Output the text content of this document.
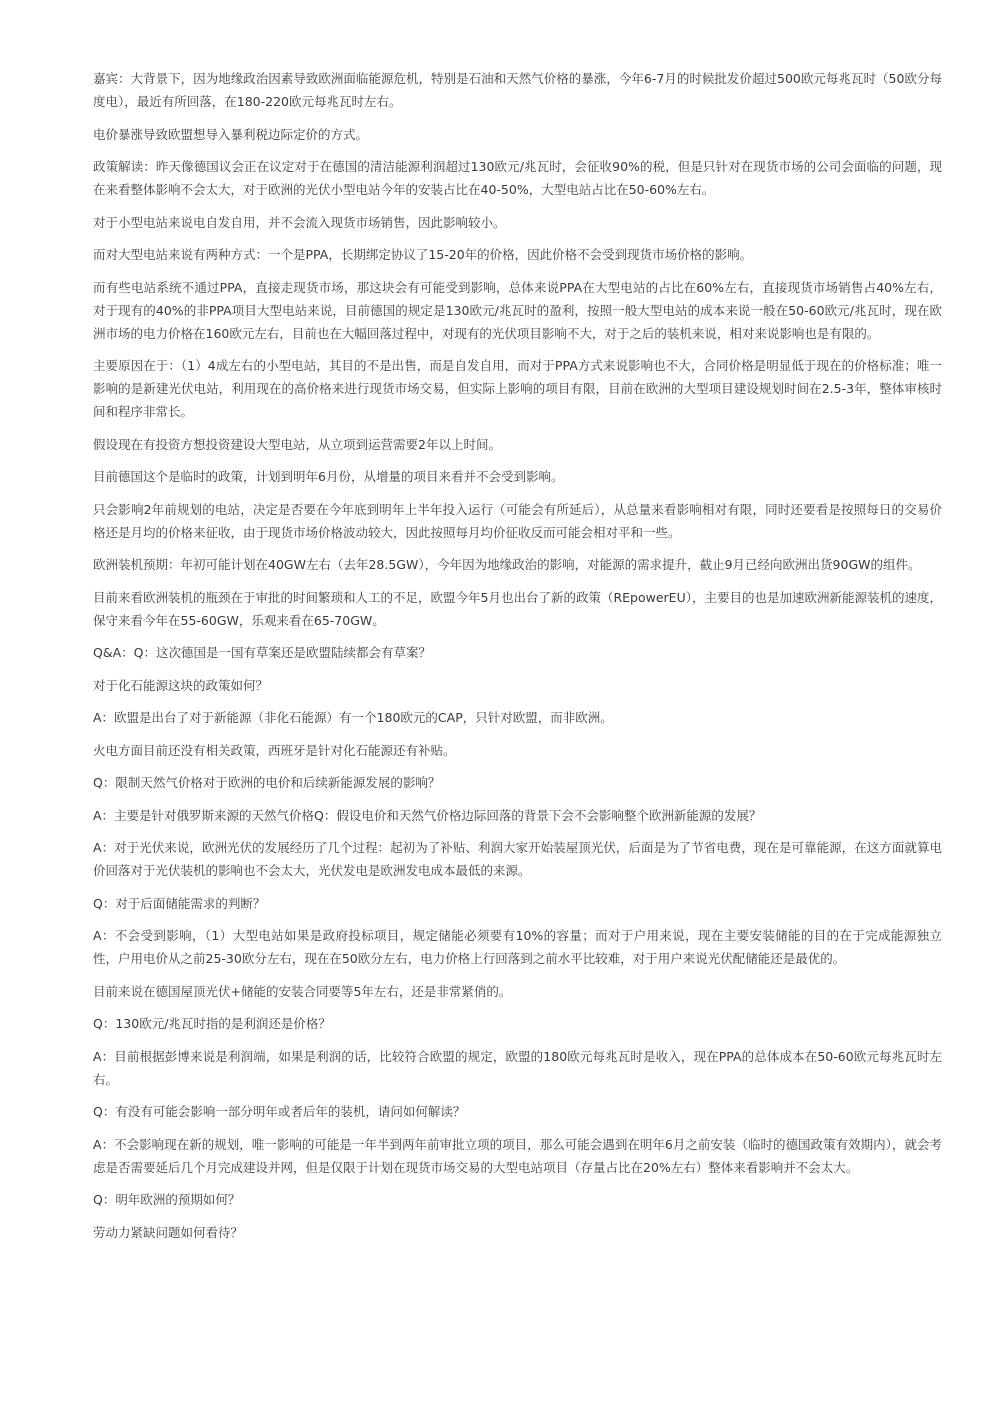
嘉宾：大背景下，因为地缘政治因素导致欧洲面临能源危机，特别是石油和天然气价格的暴涨，今年6-7月的时候批发价超过500欧元每兆瓦时（50欧分每度电），最近有所回落，在180-220欧元每兆瓦时左右。

电价暴涨导致欧盟想导入暴利税边际定价的方式。

政策解读：昨天像德国议会正在议定对于在德国的清洁能源利润超过130欧元/兆瓦时，会征收90%的税，但是只针对在现货市场的公司会面临的问题，现在来看整体影响不会太大，对于欧洲的光伏小型电站今年的安装占比在40-50%，大型电站占比在50-60%左右。

对于小型电站来说电自发自用，并不会流入现货市场销售，因此影响较小。

而对大型电站来说有两种方式：一个是PPA，长期绑定协议了15-20年的价格，因此价格不会受到现货市场价格的影响。

而有些电站系统不通过PPA，直接走现货市场，那这块会有可能受到影响，总体来说PPA在大型电站的占比在60%左右，直接现货市场销售占40%左右，对于现有的40%的非PPA项目大型电站来说，目前德国的规定是130欧元/兆瓦时的盈利，按照一般大型电站的成本来说一般在50-60欧元/兆瓦时，现在欧洲市场的电力价格在160欧元左右，目前也在大幅回落过程中，对现有的光伏项目影响不大，对于之后的装机来说，相对来说影响也是有限的。

主要原因在于：（1）4成左右的小型电站，其目的不是出售，而是自发自用，而对于PPA方式来说影响也不大，合同价格是明显低于现在的价格标准；唯一影响的是新建光伏电站，利用现在的高价格来进行现货市场交易，但实际上影响的项目有限，目前在欧洲的大型项目建设规划时间在2.5-3年，整体审核时间和程序非常长。

假设现在有投资方想投资建设大型电站，从立项到运营需要2年以上时间。

目前德国这个是临时的政策，计划到明年6月份，从增量的项目来看并不会受到影响。

只会影响2年前规划的电站，决定是否要在今年底到明年上半年投入运行（可能会有所延后），从总量来看影响相对有限，同时还要看是按照每日的交易价格还是月均的价格来征收，由于现货市场价格波动较大，因此按照每月均价征收反而可能会相对平和一些。

欧洲装机预期：年初可能计划在40GW左右（去年28.5GW），今年因为地缘政治的影响，对能源的需求提升，截止9月已经向欧洲出货90GW的组件。

目前来看欧洲装机的瓶颈在于审批的时间繁琐和人工的不足，欧盟今年5月也出台了新的政策（REpowerEU），主要目的也是加速欧洲新能源装机的速度，保守来看今年在55-60GW，乐观来看在65-70GW。

Q&A：Q：这次德国是一国有草案还是欧盟陆续都会有草案？

对于化石能源这块的政策如何？

A：欧盟是出台了对于新能源（非化石能源）有一个180欧元的CAP，只针对欧盟，而非欧洲。

火电方面目前还没有相关政策，西班牙是针对化石能源还有补贴。

Q：限制天然气价格对于欧洲的电价和后续新能源发展的影响？

A：主要是针对俄罗斯来源的天然气价格Q：假设电价和天然气价格边际回落的背景下会不会影响整个欧洲新能源的发展？

A：对于光伏来说，欧洲光伏的发展经历了几个过程：起初为了补贴、利润大家开始装屋顶光伏，后面是为了节省电费，现在是可靠能源，在这方面就算电价回落对于光伏装机的影响也不会太大，光伏发电是欧洲发电成本最低的来源。

Q：对于后面储能需求的判断？

A：不会受到影响，（1）大型电站如果是政府投标项目，规定储能必须要有10%的容量；而对于户用来说，现在主要安装储能的目的在于完成能源独立性，户用电价从之前25-30欧分左右，现在在50欧分左右，电力价格上行回落到之前水平比较难，对于用户来说光伏配储能还是最优的。

目前来说在德国屋顶光伏+储能的安装合同要等5年左右，还是非常紧俏的。

Q：130欧元/兆瓦时指的是利润还是价格？

A：目前根据彭博来说是利润端，如果是利润的话，比较符合欧盟的规定，欧盟的180欧元每兆瓦时是收入，现在PPA的总体成本在50-60欧元每兆瓦时左右。

Q：有没有可能会影响一部分明年或者后年的装机，请问如何解读？

A：不会影响现在新的规划，唯一影响的可能是一年半到两年前审批立项的项目，那么可能会遇到在明年6月之前安装（临时的德国政策有效期内），就会考虑是否需要延后几个月完成建设并网，但是仅限于计划在现货市场交易的大型电站项目（存量占比在20%左右）整体来看影响并不会太大。

Q：明年欧洲的预期如何？

劳动力紧缺问题如何看待？
